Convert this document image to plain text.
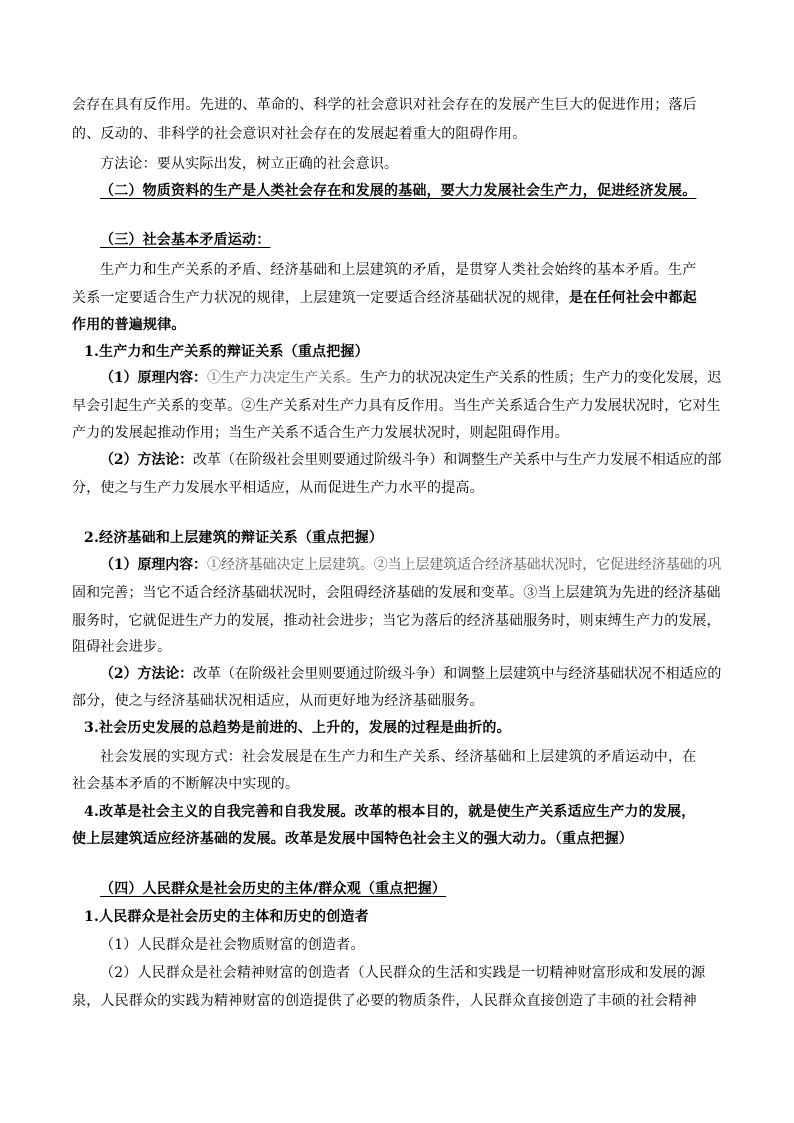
会存在具有反作用。先进的、革命的、科学的社会意识对社会存在的发展产生巨大的促进作用；落后
的、反动的、非科学的社会意识对社会存在的发展起着重大的阻碍作用。
方法论：要从实际出发，树立正确的社会意识。
（二）物质资料的生产是人类社会存在和发展的基础，要大力发展社会生产力，促进经济发展。
（三）社会基本矛盾运动：
生产力和生产关系的矛盾、经济基础和上层建筑的矛盾，是贯穿人类社会始终的基本矛盾。生产
关系一定要适合生产力状况的规律，上层建筑一定要适合经济基础状况的规律，是在任何社会中都起
作用的普遍规律。
1.生产力和生产关系的辩证关系（重点把握）
（1）原理内容：①生产力决定生产关系。生产力的状况决定生产关系的性质；生产力的变化发展，迟
早会引起生产关系的变革。②生产关系对生产力具有反作用。当生产关系适合生产力发展状况时，它对生
产力的发展起推动作用；当生产关系不适合生产力发展状况时，则起阻碍作用。
（2）方法论：改革（在阶级社会里则要通过阶级斗争）和调整生产关系中与生产力发展不相适应的部
分，使之与生产力发展水平相适应，从而促进生产力水平的提高。
2.经济基础和上层建筑的辩证关系（重点把握）
（1）原理内容：①经济基础决定上层建筑。②当上层建筑适合经济基础状况时，它促进经济基础的巩
固和完善；当它不适合经济基础状况时，会阻碍经济基础的发展和变革。③当上层建筑为先进的经济基础
服务时，它就促进生产力的发展，推动社会进步；当它为落后的经济基础服务时，则束缚生产力的发展，
阻碍社会进步。
（2）方法论：改革（在阶级社会里则要通过阶级斗争）和调整上层建筑中与经济基础状况不相适应的
部分，使之与经济基础状况相适应，从而更好地为经济基础服务。
3.社会历史发展的总趋势是前进的、上升的，发展的过程是曲折的。
社会发展的实现方式：社会发展是在生产力和生产关系、经济基础和上层建筑的矛盾运动中，在
社会基本矛盾的不断解决中实现的。
4.改革是社会主义的自我完善和自我发展。改革的根本目的，就是使生产关系适应生产力的发展，
使上层建筑适应经济基础的发展。改革是发展中国特色社会主义的强大动力。（重点把握）
（四）人民群众是社会历史的主体/群众观（重点把握）
1.人民群众是社会历史的主体和历史的创造者
（1）人民群众是社会物质财富的创造者。
（2）人民群众是社会精神财富的创造者（人民群众的生活和实践是一切精神财富形成和发展的源
泉，人民群众的实践为精神财富的创造提供了必要的物质条件，人民群众直接创造了丰硕的社会精神
